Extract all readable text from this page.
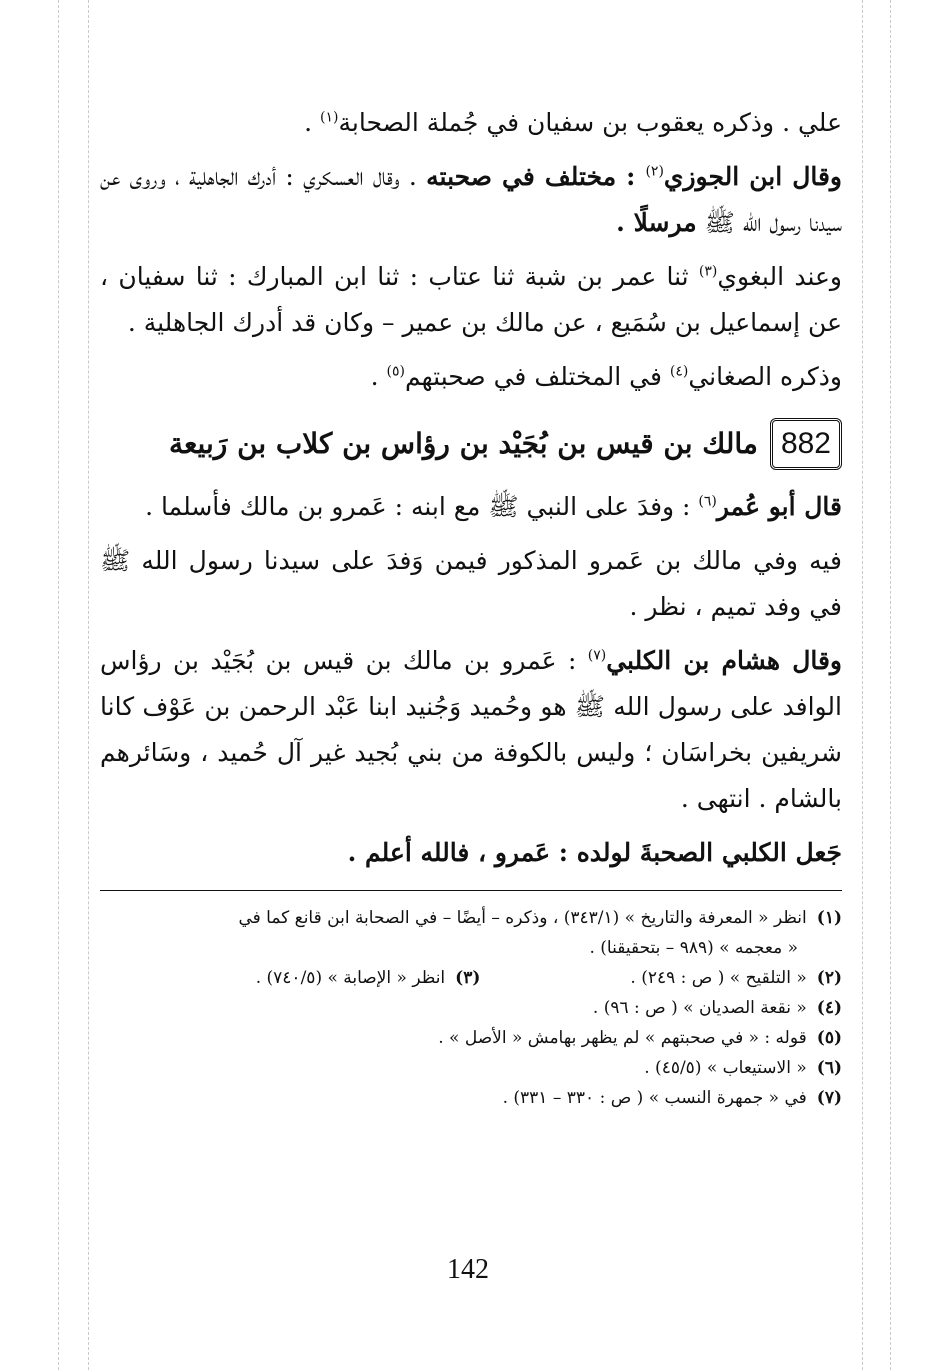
علي . وذكره يعقوب بن سفيان في جُملة الصحابة$^{(١)}$ .

وقال ابن الجوزي$^{(٢)}$ : مختلف في صحبته . وقال العسكري : أدرك الجاهلية ، وروى عن سيدنا رسول الله ﷺ مرسلًا .

وعند البغوي$^{(٣)}$ ثنا عمر بن شبة ثنا عتاب : ثنا ابن المبارك : ثنا سفيان ، عن إسماعيل بن سُمَيع ، عن مالك بن عمير – وكان قد أدرك الجاهلية .

وذكره الصغاني$^{(٤)}$ في المختلف في صحبتهم$^{(٥)}$ .

882
مالك بن قيس بن بُجَيْد بن رؤاس بن كلاب بن رَبيعة

قال أبو عُمر$^{(٦)}$ : وفدَ على النبي ﷺ مع ابنه : عَمرو بن مالك فأسلما .

فيه وفي مالك بن عَمرو المذكور فيمن وَفدَ على سيدنا رسول الله ﷺ في وفد تميم ، نظر .

وقال هشام بن الكلبي$^{(٧)}$ : عَمرو بن مالك بن قيس بن بُجَيْد بن رؤاس الوافد على رسول الله ﷺ هو وحُميد وَجُنيد ابنا عَبْد الرحمن بن عَوْف كانا شريفين بخراسَان ؛ وليس بالكوفة من بني بُجيد غير آل حُميد ، وسَائرهم بالشام . انتهى .

جَعل الكلبي الصحبةَ لولده : عَمرو ، فالله أعلم .

(١)انظر « المعرفة والتاريخ » (٣٤٣/١) ، وذكره – أيضًا – في الصحابة ابن قانع كما في

« معجمه » (٩٨٩ – بتحقيقنا) .

(٢)« التلقيح » ( ص : ٢٤٩) .

(٣)انظر « الإصابة » (٧٤٠/٥) .

(٤)« نقعة الصديان » ( ص : ٩٦) .

(٥)قوله : « في صحبتهم » لم يظهر بهامش « الأصل » .

(٦)« الاستيعاب » (٤٥/٥) .

(٧)في « جمهرة النسب » ( ص : ٣٣٠ – ٣٣١) .

142
